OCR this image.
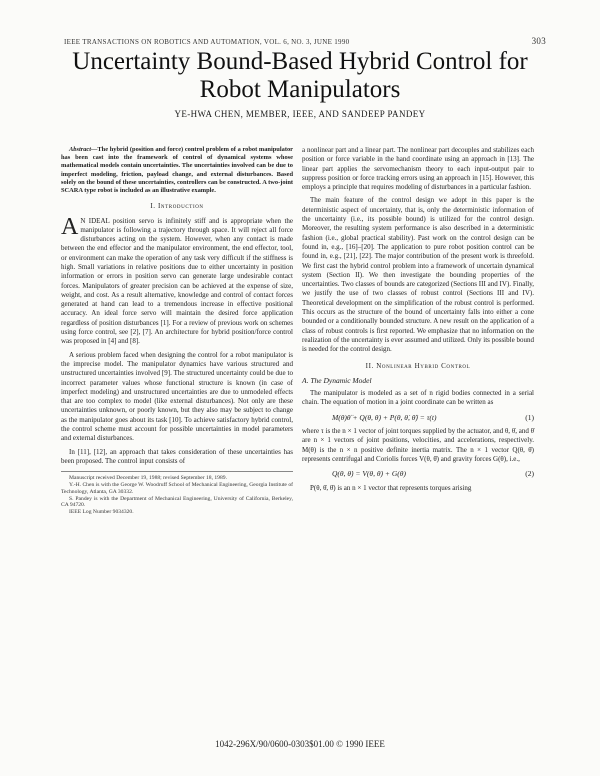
IEEE TRANSACTIONS ON ROBOTICS AND AUTOMATION, VOL. 6, NO. 3, JUNE 1990	303
Uncertainty Bound-Based Hybrid Control for Robot Manipulators
YE-HWA CHEN, MEMBER, IEEE, AND SANDEEP PANDEY

Abstract—The hybrid (position and force) control problem of a robot manipulator has been cast into the framework of control of dynamical systems whose mathematical models contain uncertainties. The uncertainties involved can be due to imperfect modeling, friction, payload change, and external disturbances. Based solely on the bound of these uncertainties, controllers can be constructed. A two-joint SCARA type robot is included as an illustrative example.

I. Introduction

A N IDEAL position servo is infinitely stiff and is appropriate when the manipulator is following a trajectory through space. It will reject all force disturbances acting on the system. However, when any contact is made between the end effector and the manipulator environment, the end effector, tool, or environment can make the operation of any task very difficult if the stiffness is high. Small variations in relative positions due to either uncertainty in position information or errors in position servo can generate large undesirable contact forces. Manipulators of greater precision can be achieved at the expense of size, weight, and cost. As a result alternative, knowledge and control of contact forces generated at hand can lead to a tremendous increase in effective positional accuracy. An ideal force servo will maintain the desired force application regardless of position disturbances [1]. For a review of previous work on schemes using force control, see [2], [7]. An architecture for hybrid position/force control was proposed in [4] and [8].

A serious problem faced when designing the control for a robot manipulator is the imprecise model. The manipulator dynamics have various structured and unstructured uncertainties involved [9]. The structured uncertainty could be due to incorrect parameter values whose functional structure is known (in case of imperfect modeling) and unstructured uncertainties are due to unmodeled effects that are too complex to model (like external disturbances). Not only are these uncertainties unknown, or poorly known, but they also may be subject to change as the manipulator goes about its task [10]. To achieve satisfactory hybrid control, the control scheme must account for possible uncertainties in model parameters and external disturbances.

In [11], [12], an approach that takes consideration of these uncertainties has been proposed. The control input consists of

Manuscript received December 19, 1988; revised September 18, 1989.

Y.-H. Chen is with the George W. Woodruff School of Mechanical Engineering, Georgia Institute of Technology, Atlanta, GA 30332.

S. Pandey is with the Department of Mechanical Engineering, University of California, Berkeley, CA 94720.

IEEE Log Number 9034320.

a nonlinear part and a linear part. The nonlinear part decouples and stabilizes each position or force variable in the hand coordinate using an approach in [13]. The linear part applies the servomechanism theory to each input-output pair to suppress position or force tracking errors using an approach in [15]. However, this employs a principle that requires modeling of disturbances in a particular fashion.

The main feature of the control design we adopt in this paper is the deterministic aspect of uncertainty, that is, only the deterministic information of the uncertainty (i.e., its possible bound) is utilized for the control design. Moreover, the resulting system performance is also described in a deterministic fashion (i.e., global practical stability). Past work on the control design can be found in, e.g., [16]–[20]. The application to pure robot position control can be found in, e.g., [21], [22]. The major contribution of the present work is threefold. We first cast the hybrid control problem into a framework of uncertain dynamical system (Section II). We then investigate the bounding properties of the uncertainties. Two classes of bounds are categorized (Sections III and IV). Finally, we justify the use of two classes of robust control (Sections III and IV). Theoretical development on the simplification of the robust control is performed. This occurs as the structure of the bound of uncertainty falls into either a cone bounded or a conditionally bounded structure. A new result on the application of a class of robust controls is first reported. We emphasize that no information on the realization of the uncertainty is ever assumed and utilized. Only its possible bound is needed for the control design.

II. Nonlinear Hybrid Control
A. The Dynamic Model

The manipulator is modeled as a set of n rigid bodies connected in a serial chain. The equation of motion in a joint coordinate can be written as

M(θ)θ̈ + Q(θ, θ̇) + P(θ, θ̇, θ̈) = τ(t)	(1)

where τ is the n × 1 vector of joint torques supplied by the actuator, and θ, θ̇, and θ̈ are n × 1 vectors of joint positions, velocities, and accelerations, respectively. M(θ) is the n × n positive definite inertia matrix. The n × 1 vector Q(θ, θ̇) represents centrifugal and Coriolis forces V(θ, θ̇) and gravity forces G(θ), i.e.,

Q(θ, θ̇) = V(θ, θ̇) + G(θ)	(2)

P(θ, θ̇, θ̈) is an n × 1 vector that represents torques arising

1042-296X/90/0600-0303$01.00 © 1990 IEEE
